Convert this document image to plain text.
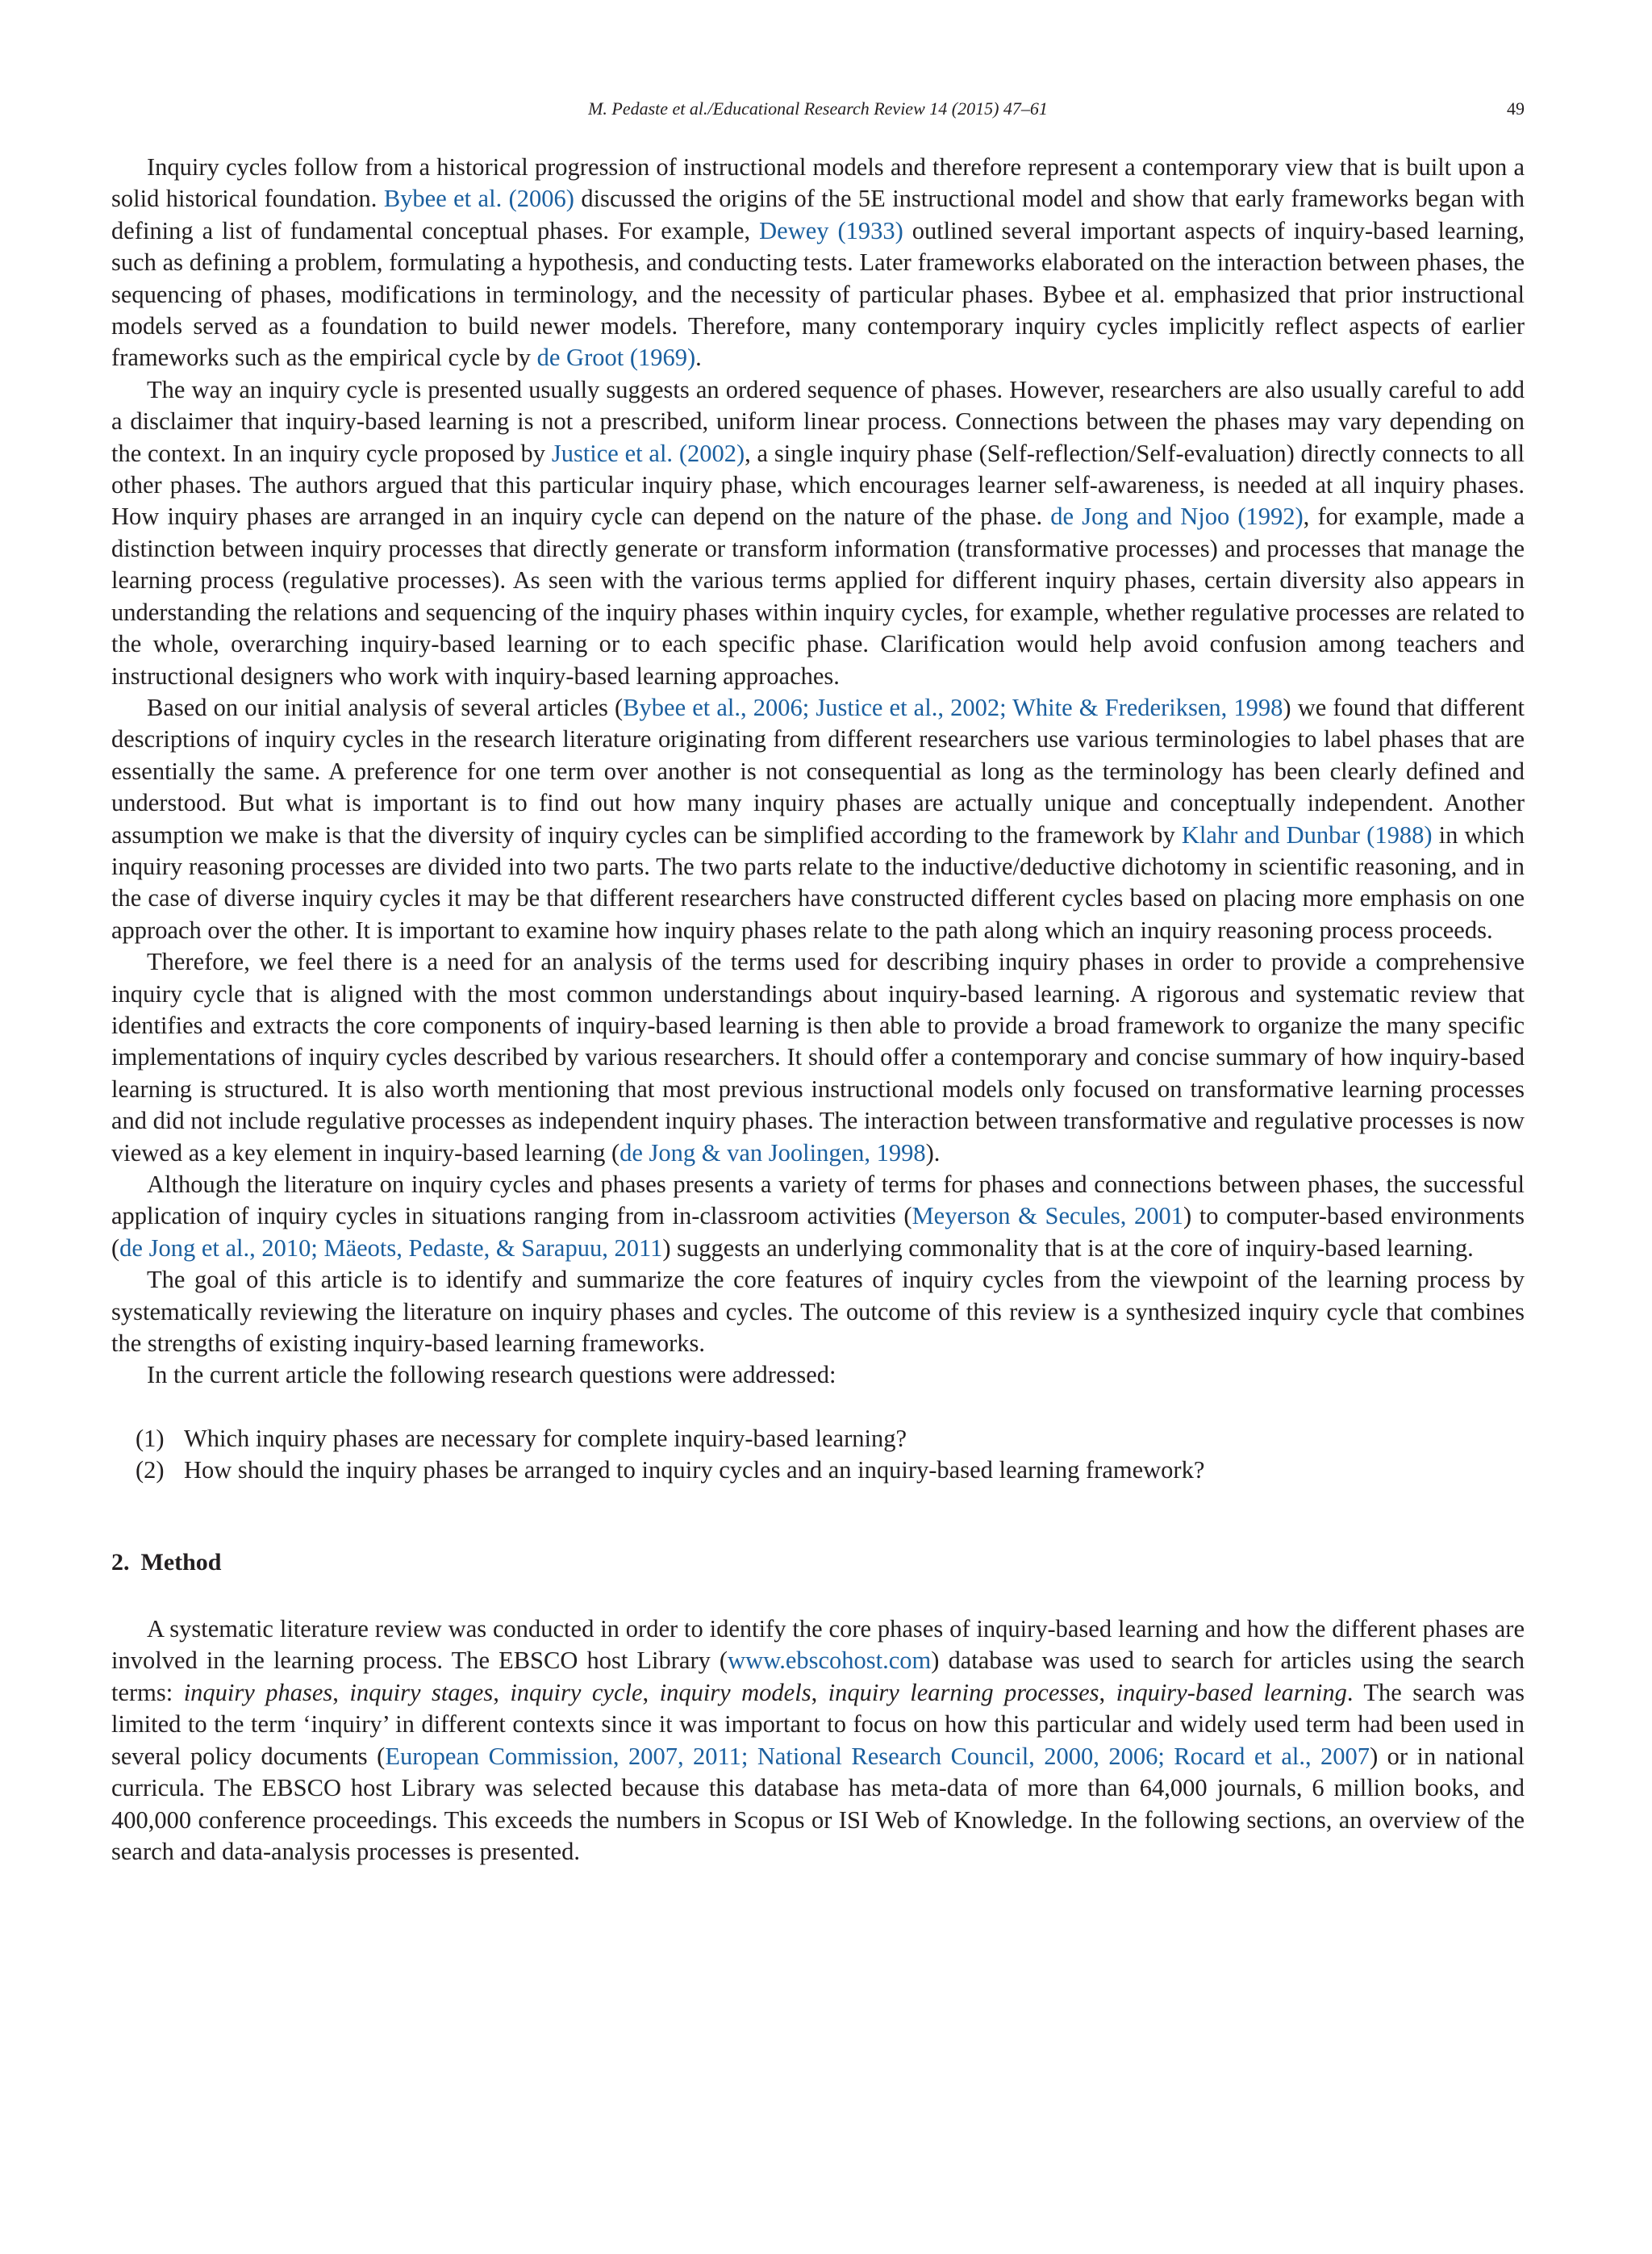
M. Pedaste et al./Educational Research Review 14 (2015) 47–61	49

Inquiry cycles follow from a historical progression of instructional models and therefore represent a contemporary view that is built upon a solid historical foundation. Bybee et al. (2006) discussed the origins of the 5E instructional model and show that early frameworks began with defining a list of fundamental conceptual phases. For example, Dewey (1933) outlined several important aspects of inquiry-based learning, such as defining a problem, formulating a hypothesis, and conducting tests. Later frameworks elaborated on the interaction between phases, the sequencing of phases, modifications in terminology, and the necessity of particular phases. Bybee et al. emphasized that prior instructional models served as a foundation to build newer models. Therefore, many contemporary inquiry cycles implicitly reflect aspects of earlier frameworks such as the empirical cycle by de Groot (1969).

The way an inquiry cycle is presented usually suggests an ordered sequence of phases. However, researchers are also usually careful to add a disclaimer that inquiry-based learning is not a prescribed, uniform linear process. Connections between the phases may vary depending on the context. In an inquiry cycle proposed by Justice et al. (2002), a single inquiry phase (Self-reflection/Self-evaluation) directly connects to all other phases. The authors argued that this particular inquiry phase, which encourages learner self-awareness, is needed at all inquiry phases. How inquiry phases are arranged in an inquiry cycle can depend on the nature of the phase. de Jong and Njoo (1992), for example, made a distinction between inquiry processes that directly generate or transform information (transformative processes) and processes that manage the learning process (regulative processes). As seen with the various terms applied for different inquiry phases, certain diversity also appears in understanding the relations and sequencing of the inquiry phases within inquiry cycles, for example, whether regulative processes are related to the whole, overarching inquiry-based learning or to each specific phase. Clarification would help avoid confusion among teachers and instructional designers who work with inquiry-based learning approaches.

Based on our initial analysis of several articles (Bybee et al., 2006; Justice et al., 2002; White & Frederiksen, 1998) we found that different descriptions of inquiry cycles in the research literature originating from different researchers use various terminologies to label phases that are essentially the same. A preference for one term over another is not consequential as long as the terminology has been clearly defined and understood. But what is important is to find out how many inquiry phases are actually unique and conceptually independent. Another assumption we make is that the diversity of inquiry cycles can be simplified according to the framework by Klahr and Dunbar (1988) in which inquiry reasoning processes are divided into two parts. The two parts relate to the inductive/deductive dichotomy in scientific reasoning, and in the case of diverse inquiry cycles it may be that different researchers have constructed different cycles based on placing more emphasis on one approach over the other. It is important to examine how inquiry phases relate to the path along which an inquiry reasoning process proceeds.

Therefore, we feel there is a need for an analysis of the terms used for describing inquiry phases in order to provide a comprehensive inquiry cycle that is aligned with the most common understandings about inquiry-based learning. A rigorous and systematic review that identifies and extracts the core components of inquiry-based learning is then able to provide a broad framework to organize the many specific implementations of inquiry cycles described by various researchers. It should offer a contemporary and concise summary of how inquiry-based learning is structured. It is also worth mentioning that most previous instructional models only focused on transformative learning processes and did not include regulative processes as independent inquiry phases. The interaction between transformative and regulative processes is now viewed as a key element in inquiry-based learning (de Jong & van Joolingen, 1998).

Although the literature on inquiry cycles and phases presents a variety of terms for phases and connections between phases, the successful application of inquiry cycles in situations ranging from in-classroom activities (Meyerson & Secules, 2001) to computer-based environments (de Jong et al., 2010; Mäeots, Pedaste, & Sarapuu, 2011) suggests an underlying commonality that is at the core of inquiry-based learning.

The goal of this article is to identify and summarize the core features of inquiry cycles from the viewpoint of the learning process by systematically reviewing the literature on inquiry phases and cycles. The outcome of this review is a synthesized inquiry cycle that combines the strengths of existing inquiry-based learning frameworks.

In the current article the following research questions were addressed:

(1) Which inquiry phases are necessary for complete inquiry-based learning?
(2) How should the inquiry phases be arranged to inquiry cycles and an inquiry-based learning framework?
2. Method

A systematic literature review was conducted in order to identify the core phases of inquiry-based learning and how the different phases are involved in the learning process. The EBSCO host Library (www.ebscohost.com) database was used to search for articles using the search terms: inquiry phases, inquiry stages, inquiry cycle, inquiry models, inquiry learning processes, inquiry-based learning. The search was limited to the term ‘inquiry’ in different contexts since it was important to focus on how this particular and widely used term had been used in several policy documents (European Commission, 2007, 2011; National Research Council, 2000, 2006; Rocard et al., 2007) or in national curricula. The EBSCO host Library was selected because this database has meta-data of more than 64,000 journals, 6 million books, and 400,000 conference proceedings. This exceeds the numbers in Scopus or ISI Web of Knowledge. In the following sections, an overview of the search and data-analysis processes is presented.
